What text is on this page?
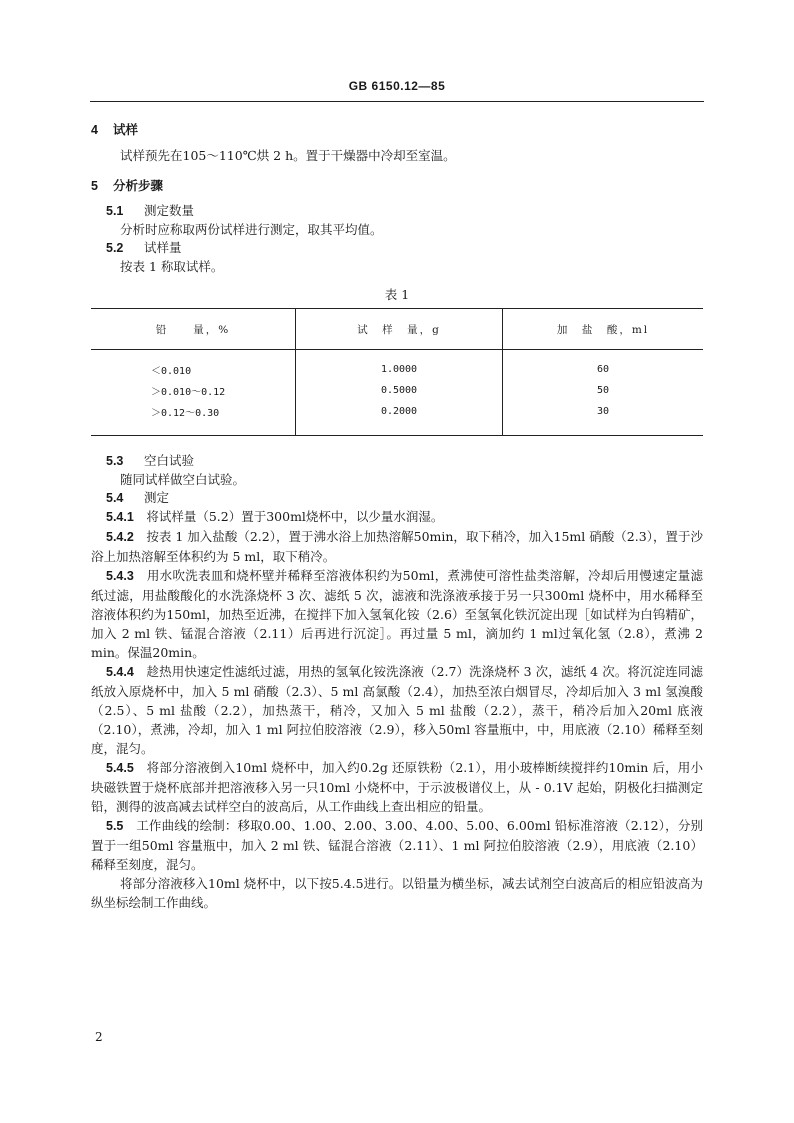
GB 6150.12—85
4 试样
试样预先在105～110℃烘 2 h。置于干燥器中冷却至室温。
5 分析步骤
5.1 测定数量
分析时应称取两份试样进行测定，取其平均值。
5.2 试样量
按表 1 称取试样。
表 1
铅　　量，%	试　样　量，g	加　盐　酸，ml
＜0.010	1.0000	60
＞0.010～0.12	0.5000	50
＞0.12～0.30	0.2000	30
5.3 空白试验
随同试样做空白试验。
5.4 测定

5.4.1　 将试样量（5.2）置于300ml烧杯中，以少量水润湿。

5.4.2　 按表 1 加入盐酸（2.2），置于沸水浴上加热溶解50min，取下稍冷，加入15ml 硝酸（2.3），置于沙浴上加热溶解至体积约为 5 ml，取下稍冷。

5.4.3　 用水吹洗表皿和烧杯壁并稀释至溶液体积约为50ml，煮沸使可溶性盐类溶解，冷却后用慢速定量滤纸过滤，用盐酸酸化的水洗涤烧杯 3 次、滤纸 5 次，滤液和洗涤液承接于另一只300ml 烧杯中，用水稀释至溶液体积约为150ml，加热至近沸，在搅拌下加入氢氧化铵（2.6）至氢氧化铁沉淀出现［如试样为白钨精矿，加入 2 ml 铁、锰混合溶液（2.11）后再进行沉淀］。再过量 5 ml，滴加约 1 ml过氧化氢（2.8），煮沸 2 min。保温20min。

5.4.4　 趁热用快速定性滤纸过滤，用热的氢氧化铵洗涤液（2.7）洗涤烧杯 3 次，滤纸 4 次。将沉淀连同滤纸放入原烧杯中，加入 5 ml 硝酸（2.3）、5 ml 高氯酸（2.4），加热至浓白烟冒尽，冷却后加入 3 ml 氢溴酸（2.5）、5 ml 盐酸（2.2），加热蒸干，稍冷，又加入 5 ml 盐酸（2.2），蒸干，稍冷后加入20ml 底液（2.10），煮沸，冷却，加入 1 ml 阿拉伯胶溶液（2.9），移入50ml 容量瓶中，中，用底液（2.10）稀释至刻度，混匀。

5.4.5　 将部分溶液倒入10ml 烧杯中，加入约0.2g 还原铁粉（2.1），用小玻棒断续搅拌约10min 后，用小块磁铁置于烧杯底部并把溶液移入另一只10ml 小烧杯中，于示波极谱仪上，从 - 0.1V 起始，阴极化扫描测定铅，测得的波高减去试样空白的波高后，从工作曲线上查出相应的铅量。

5.5　 工作曲线的绘制：移取0.00、1.00、2.00、3.00、4.00、5.00、6.00ml 铅标准溶液（2.12），分别置于一组50ml 容量瓶中，加入 2 ml 铁、锰混合溶液（2.11）、1 ml 阿拉伯胶溶液（2.9），用底液（2.10）稀释至刻度，混匀。

将部分溶液移入10ml 烧杯中，以下按5.4.5进行。以铅量为横坐标，减去试剂空白波高后的相应铅波高为纵坐标绘制工作曲线。

2
